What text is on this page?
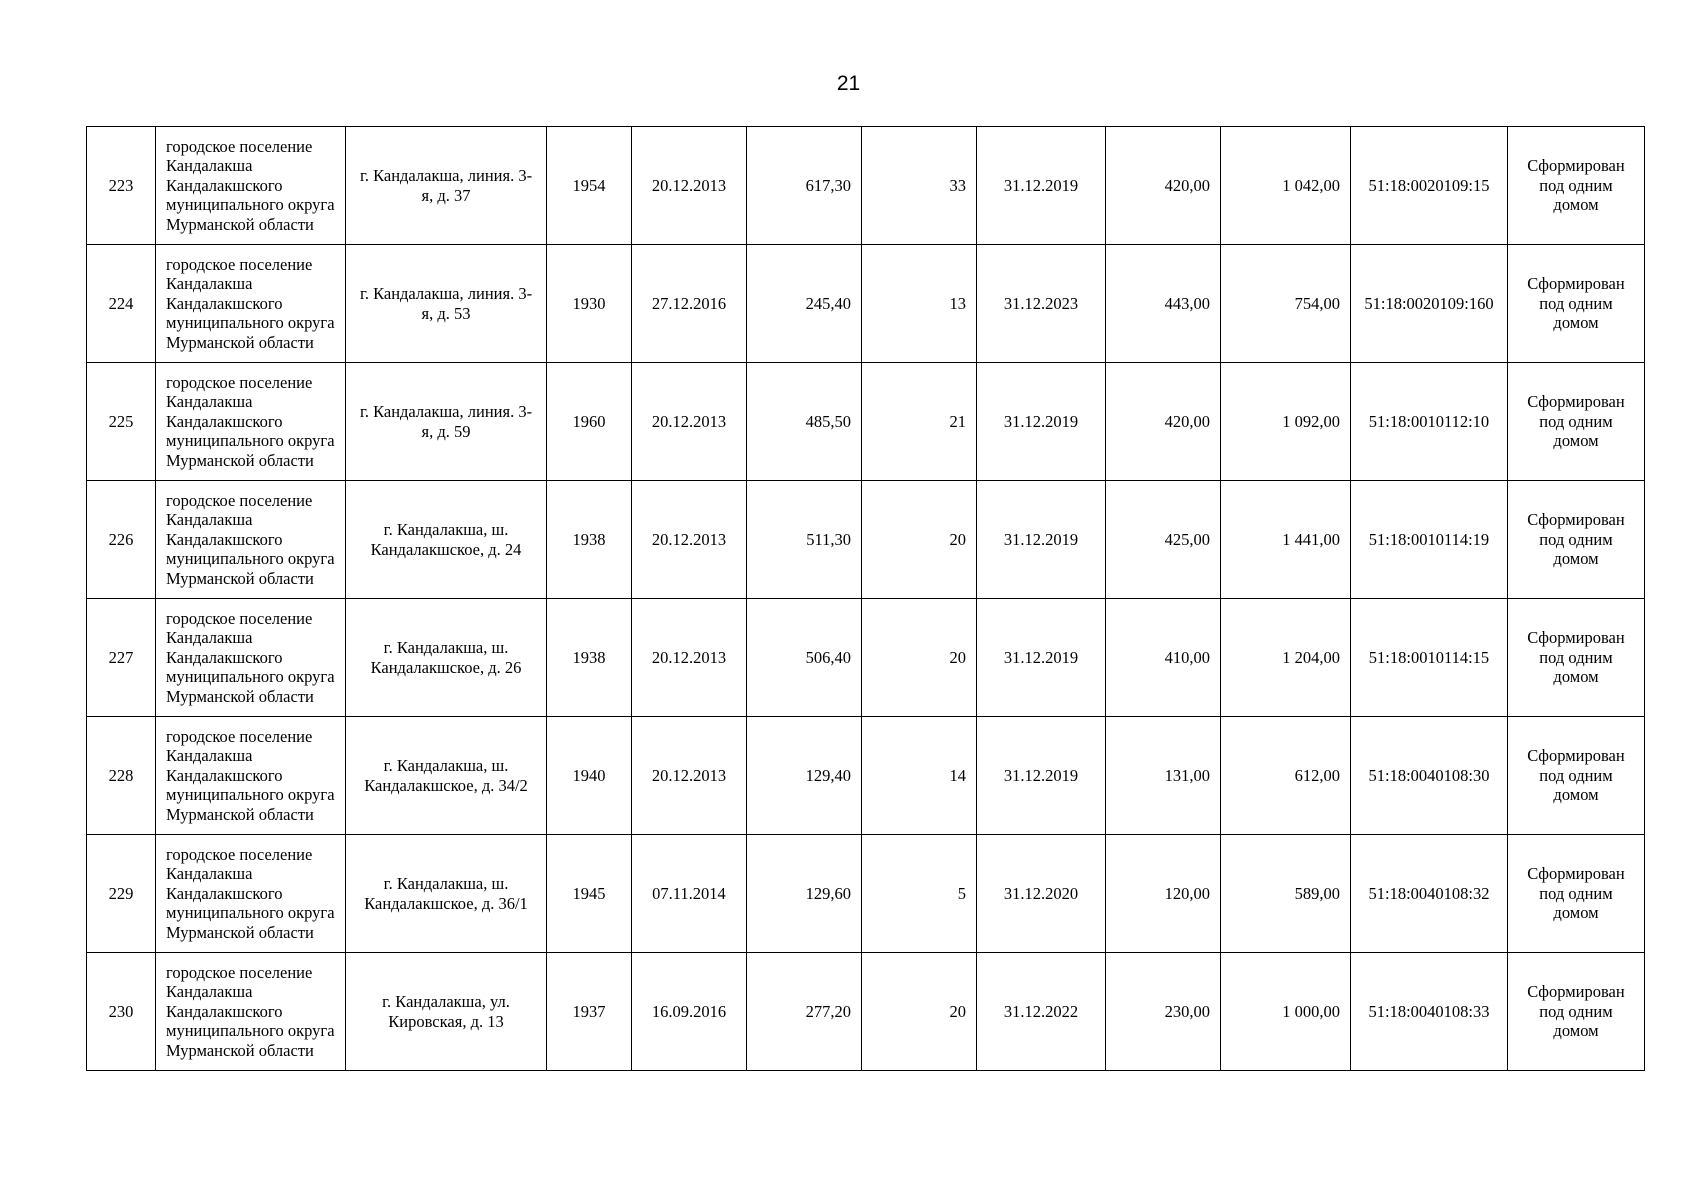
21
223	городское поселение Кандалакша Кандалакшского муниципального округа Мурманской области	г. Кандалакша, линия. 3-я, д. 37	1954	20.12.2013	617,30	33	31.12.2019	420,00	1 042,00	51:18:0020109:15	Сформирован под одним домом
224	городское поселение Кандалакша Кандалакшского муниципального округа Мурманской области	г. Кандалакша, линия. 3-я, д. 53	1930	27.12.2016	245,40	13	31.12.2023	443,00	754,00	51:18:0020109:160	Сформирован под одним домом
225	городское поселение Кандалакша Кандалакшского муниципального округа Мурманской области	г. Кандалакша, линия. 3-я, д. 59	1960	20.12.2013	485,50	21	31.12.2019	420,00	1 092,00	51:18:0010112:10	Сформирован под одним домом
226	городское поселение Кандалакша Кандалакшского муниципального округа Мурманской области	г. Кандалакша, ш. Кандалакшское, д. 24	1938	20.12.2013	511,30	20	31.12.2019	425,00	1 441,00	51:18:0010114:19	Сформирован под одним домом
227	городское поселение Кандалакша Кандалакшского муниципального округа Мурманской области	г. Кандалакша, ш. Кандалакшское, д. 26	1938	20.12.2013	506,40	20	31.12.2019	410,00	1 204,00	51:18:0010114:15	Сформирован под одним домом
228	городское поселение Кандалакша Кандалакшского муниципального округа Мурманской области	г. Кандалакша, ш. Кандалакшское, д. 34/2	1940	20.12.2013	129,40	14	31.12.2019	131,00	612,00	51:18:0040108:30	Сформирован под одним домом
229	городское поселение Кандалакша Кандалакшского муниципального округа Мурманской области	г. Кандалакша, ш. Кандалакшское, д. 36/1	1945	07.11.2014	129,60	5	31.12.2020	120,00	589,00	51:18:0040108:32	Сформирован под одним домом
230	городское поселение Кандалакша Кандалакшского муниципального округа Мурманской области	г. Кандалакша, ул. Кировская, д. 13	1937	16.09.2016	277,20	20	31.12.2022	230,00	1 000,00	51:18:0040108:33	Сформирован под одним домом
